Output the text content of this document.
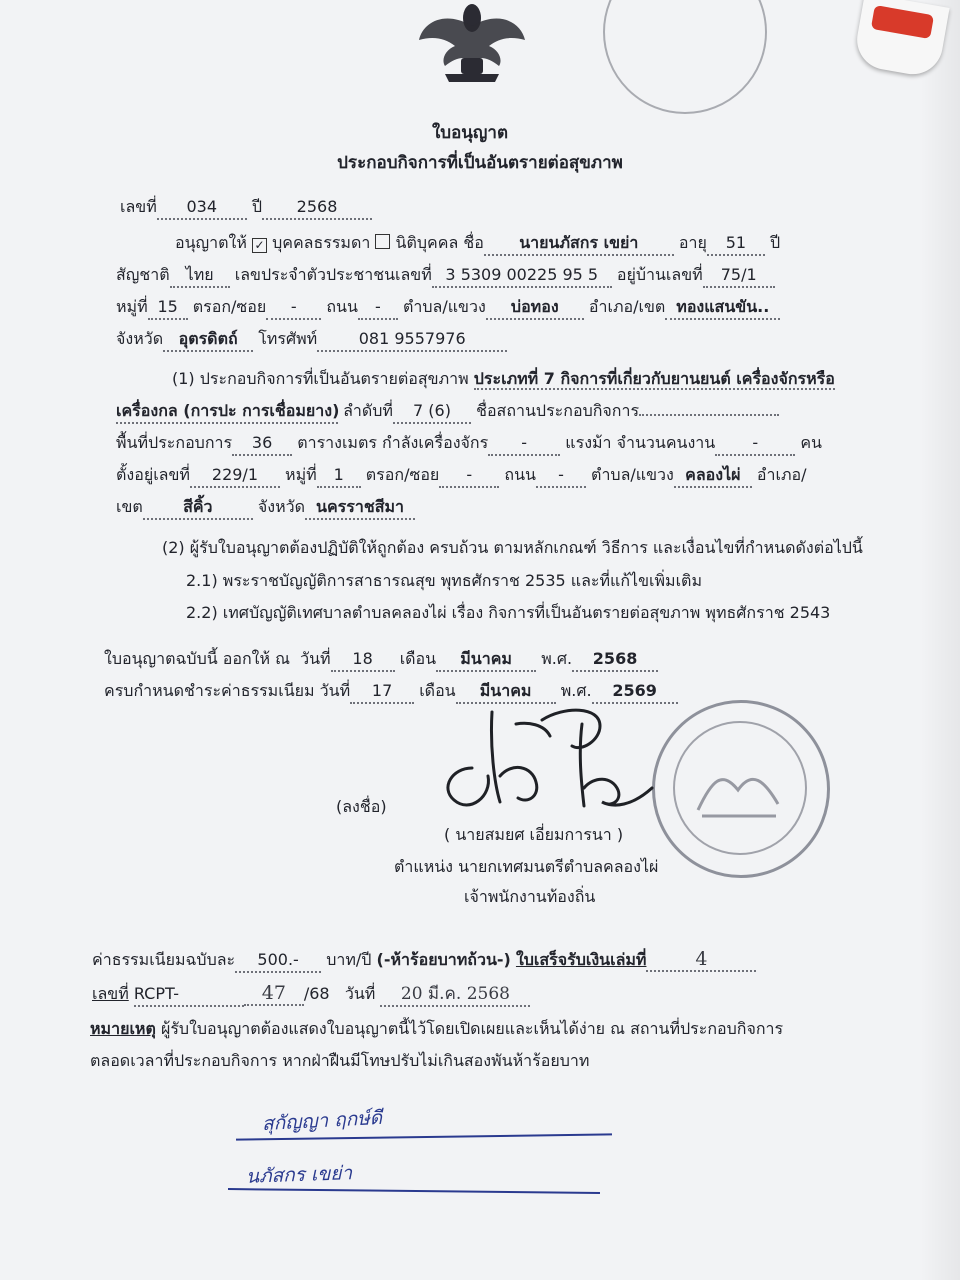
ใบอนุญาต
ประกอบกิจการที่เป็นอันตรายต่อสุขภาพ
เลขที่ 034 ปี 2568
อนุญาตให้ ✓ บุคคลธรรมดา นิติบุคคล ชื่อ นายนภัสกร เขย่า	อายุ 51 ปี
สัญชาติ ไทย เลขประจำตัวประชาชนเลขที่ 3 5309 00225 95 5 อยู่บ้านเลขที่ 75/1
หมู่ที่ 15 ตรอก/ซอย - ถนน - ตำบล/แขวง บ่อทอง อำเภอ/เขต ทองแสนขัน..
จังหวัด อุตรดิตถ์ โทรศัพท์	081 9557976
(1) ประกอบกิจการที่เป็นอันตรายต่อสุขภาพ ประเภทที่ 7 กิจการที่เกี่ยวกับยานยนต์ เครื่องจักรหรือ
เครื่องกล (การปะ การเชื่อมยาง) ลำดับที่ 7 (6) ชื่อสถานประกอบกิจการ
พื้นที่ประกอบการ 36 ตารางเมตร กำลังเครื่องจักร - แรงม้า จำนวนคนงาน -	คน
ตั้งอยู่เลขที่ 229/1 หมู่ที่ 1 ตรอก/ซอย - ถนน - ตำบล/แขวง คลองไผ่ อำเภอ/
เขต	สีคิ้ว	จังหวัด นครราชสีมา
(2) ผู้รับใบอนุญาตต้องปฏิบัติให้ถูกต้อง ครบถ้วน ตามหลักเกณฑ์ วิธีการ และเงื่อนไขที่กำหนดดังต่อไปนี้
2.1) พระราชบัญญัติการสาธารณสุข พุทธศักราช 2535 และที่แก้ไขเพิ่มเติม
2.2) เทศบัญญัติเทศบาลตำบลคลองไผ่ เรื่อง กิจการที่เป็นอันตรายต่อสุขภาพ พุทธศักราช 2543
ใบอนุญาตฉบับนี้ ออกให้ ณ วันที่ 18 เดือน มีนาคม พ.ศ. 2568
ครบกำหนดชำระค่าธรรมเนียม วันที่ 17 เดือน มีนาคม พ.ศ. 2569
(ลงชื่อ)
( นายสมยศ เอี่ยมการนา )
ตำแหน่ง นายกเทศมนตรีตำบลคลองไผ่
เจ้าพนักงานท้องถิ่น
ค่าธรรมเนียมฉบับละ 500.- บาท/ปี (-ห้าร้อยบาทถ้วน-) ใบเสร็จรับเงินเล่มที่	4
เลขที่ RCPT-	47 /68 วันที่ 20 มี.ค. 2568
หมายเหตุ ผู้รับใบอนุญาตต้องแสดงใบอนุญาตนี้ไว้โดยเปิดเผยและเห็นได้ง่าย ณ สถานที่ประกอบกิจการ
ตลอดเวลาที่ประกอบกิจการ หากฝ่าฝืนมีโทษปรับไม่เกินสองพันห้าร้อยบาท
สุกัญญา ฤกษ์ดี
นภัสกร เขย่า
